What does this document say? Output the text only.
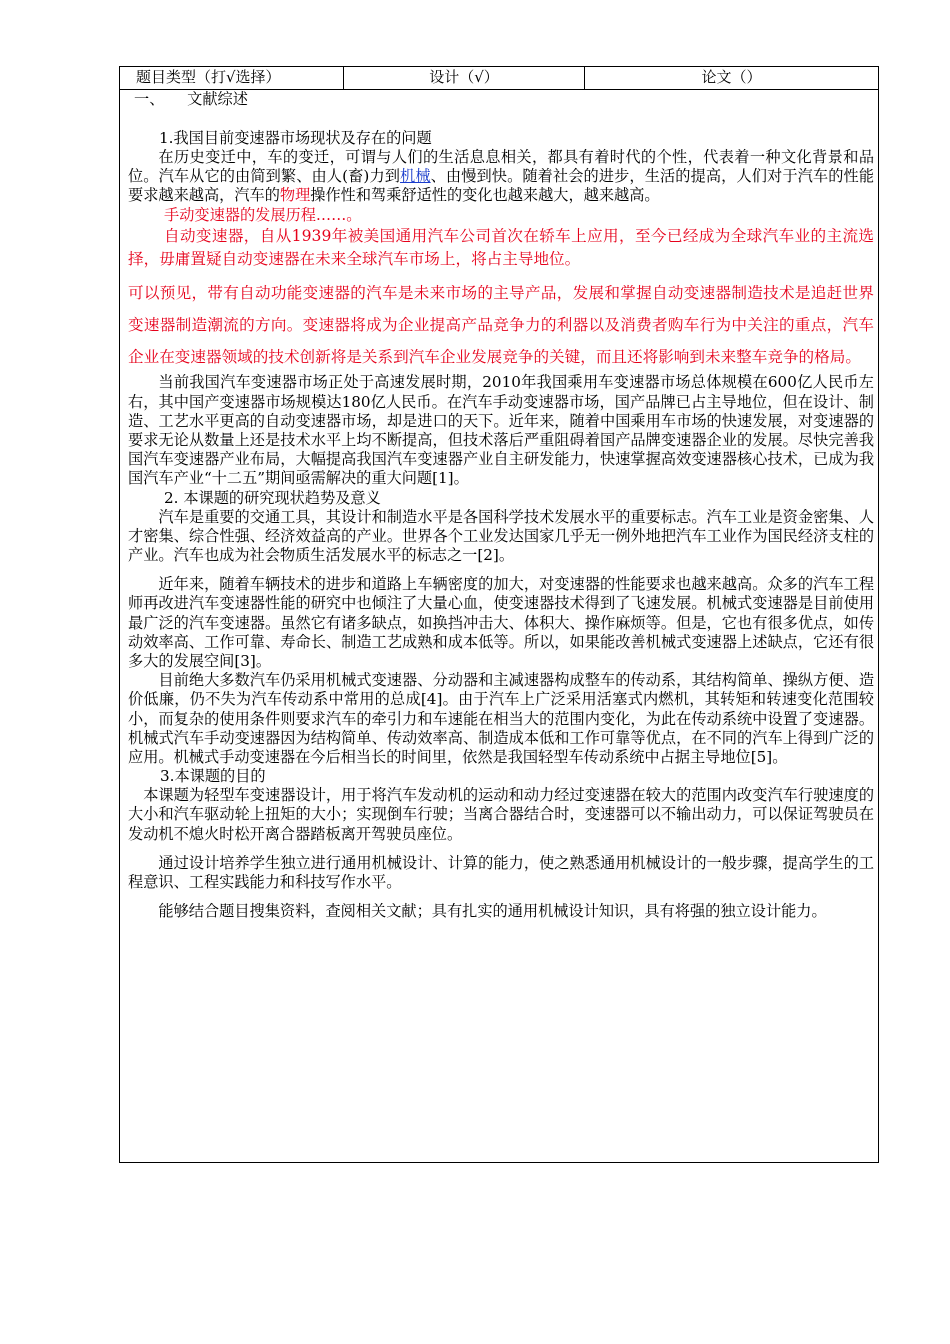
题目类型（打√选择）	设计（√）	论文（）

一、　　文献综述

1.我国目前变速器市场现状及存在的问题

在历史变迁中，车的变迁，可谓与人们的生活息息相关，都具有着时代的个性，代表着一种文化背景和品位。汽车从它的由简到繁、由人(畜)力到机械、由慢到快。随着社会的进步，生活的提高，人们对于汽车的性能要求越来越高，汽车的物理操作性和驾乘舒适性的变化也越来越大，越来越高。

手动变速器的发展历程……。

自动变速器，自从1939年被美国通用汽车公司首次在轿车上应用，至今已经成为全球汽车业的主流选择，毋庸置疑自动变速器在未来全球汽车市场上，将占主导地位。

可以预见，带有自动功能变速器的汽车是未来市场的主导产品，发展和掌握自动变速器制造技术是追赶世界变速器制造潮流的方向。变速器将成为企业提高产品竞争力的利器以及消费者购车行为中关注的重点，汽车企业在变速器领域的技术创新将是关系到汽车企业发展竞争的关键，而且还将影响到未来整车竞争的格局。

当前我国汽车变速器市场正处于高速发展时期，2010年我国乘用车变速器市场总体规模在600亿人民币左右，其中国产变速器市场规模达180亿人民币。在汽车手动变速器市场，国产品牌已占主导地位，但在设计、制造、工艺水平更高的自动变速器市场，却是进口的天下。近年来，随着中国乘用车市场的快速发展，对变速器的要求无论从数量上还是技术水平上均不断提高，但技术落后严重阻碍着国产品牌变速器企业的发展。尽快完善我国汽车变速器产业布局，大幅提高我国汽车变速器产业自主研发能力，快速掌握高效变速器核心技术，已成为我国汽车产业“十二五”期间亟需解决的重大问题[1]。

2. 本课题的研究现状趋势及意义

汽车是重要的交通工具，其设计和制造水平是各国科学技术发展水平的重要标志。汽车工业是资金密集、人才密集、综合性强、经济效益高的产业。世界各个工业发达国家几乎无一例外地把汽车工业作为国民经济支柱的产业。汽车也成为社会物质生活发展水平的标志之一[2]。

近年来，随着车辆技术的进步和道路上车辆密度的加大，对变速器的性能要求也越来越高。众多的汽车工程师再改进汽车变速器性能的研究中也倾注了大量心血，使变速器技术得到了飞速发展。机械式变速器是目前使用最广泛的汽车变速器。虽然它有诸多缺点，如换挡冲击大、体积大、操作麻烦等。但是，它也有很多优点，如传动效率高、工作可靠、寿命长、制造工艺成熟和成本低等。所以，如果能改善机械式变速器上述缺点，它还有很多大的发展空间[3]。

目前绝大多数汽车仍采用机械式变速器、分动器和主减速器构成整车的传动系，其结构简单、操纵方便、造价低廉，仍不失为汽车传动系中常用的总成[4]。由于汽车上广泛采用活塞式内燃机，其转矩和转速变化范围较小，而复杂的使用条件则要求汽车的牵引力和车速能在相当大的范围内变化，为此在传动系统中设置了变速器。机械式汽车手动变速器因为结构简单、传动效率高、制造成本低和工作可靠等优点，在不同的汽车上得到广泛的应用。机械式手动变速器在今后相当长的时间里，依然是我国轻型车传动系统中占据主导地位[5]。

3.本课题的目的

本课题为轻型车变速器设计，用于将汽车发动机的运动和动力经过变速器在较大的范围内改变汽车行驶速度的大小和汽车驱动轮上扭矩的大小；实现倒车行驶；当离合器结合时，变速器可以不输出动力，可以保证驾驶员在发动机不熄火时松开离合器踏板离开驾驶员座位。

通过设计培养学生独立进行通用机械设计、计算的能力，使之熟悉通用机械设计的一般步骤，提高学生的工程意识、工程实践能力和科技写作水平。

能够结合题目搜集资料，查阅相关文献；具有扎实的通用机械设计知识，具有将强的独立设计能力。
